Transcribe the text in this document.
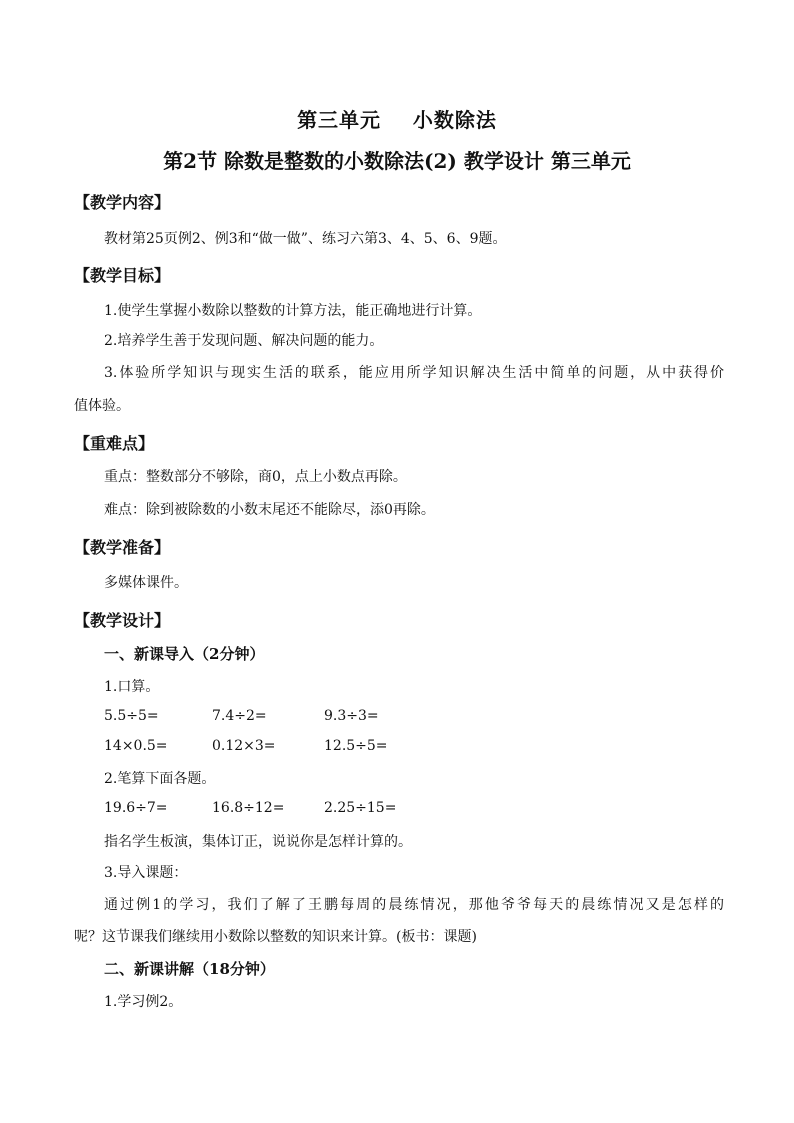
第三单元    小数除法
第2节 除数是整数的小数除法(2) 教学设计 第三单元
【教学内容】
教材第25页例2、例3和“做一做”、练习六第3、4、5、6、9题。
【教学目标】
1.使学生掌握小数除以整数的计算方法，能正确地进行计算。
2.培养学生善于发现问题、解决问题的能力。
3.体验所学知识与现实生活的联系，能应用所学知识解决生活中简单的问题，从中获得价
值体验。
【重难点】
重点：整数部分不够除，商0，点上小数点再除。
难点：除到被除数的小数末尾还不能除尽，添0再除。
【教学准备】
多媒体课件。
【教学设计】
一、新课导入（2分钟）
1.口算。
5.5÷5=	7.4÷2=	9.3÷3=
14×0.5=	0.12×3=	12.5÷5=
2.笔算下面各题。
19.6÷7=	16.8÷12=	2.25÷15=
指名学生板演，集体订正，说说你是怎样计算的。
3.导入课题：
通过例1的学习，我们了解了王鹏每周的晨练情况，那他爷爷每天的晨练情况又是怎样的
呢？这节课我们继续用小数除以整数的知识来计算。(板书：课题)
二、新课讲解（18分钟）
1.学习例2。
